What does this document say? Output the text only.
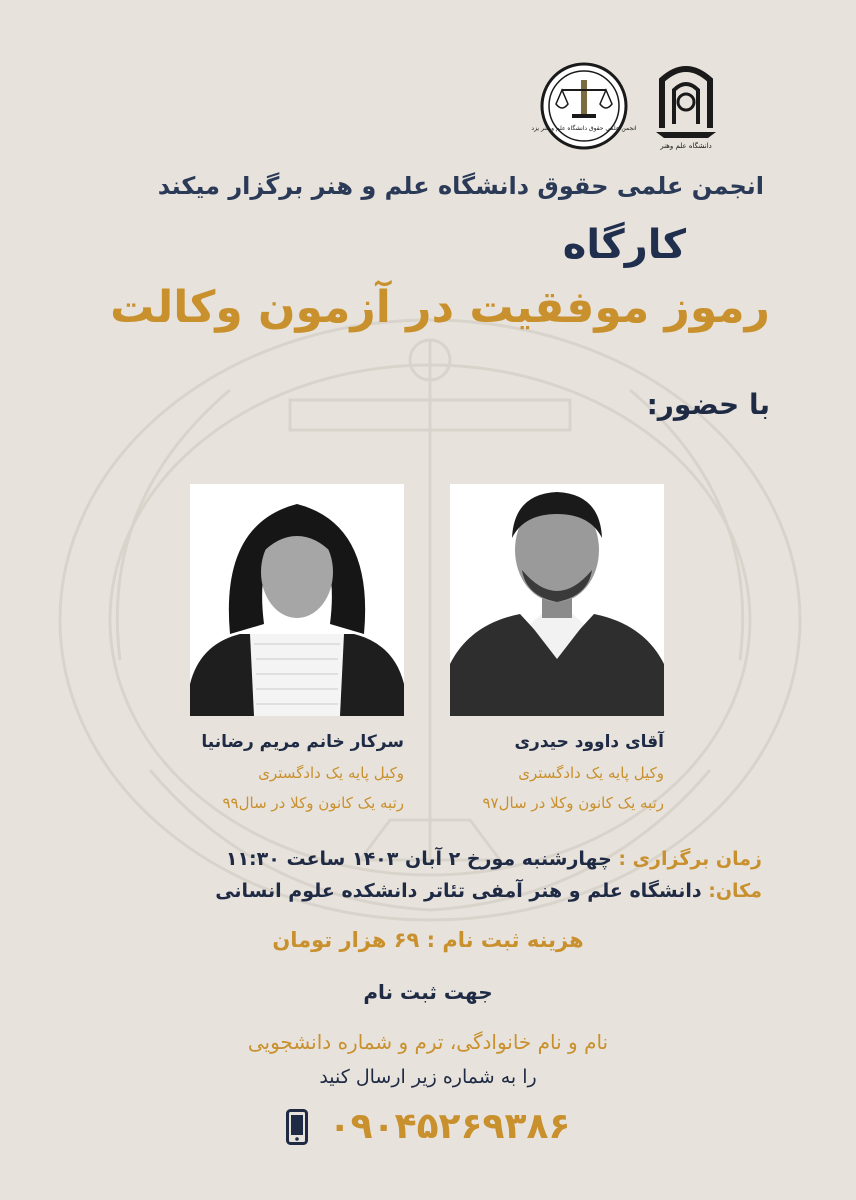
دانشگاه علم وهنر
انجمن علمی حقوق دانشگاه علم و هنر یزد
انجمن علمی حقوق دانشگاه علم و هنر برگزار میکند
کارگاه
رموز موفقیت در آزمون وکالت
با حضور:
آقای داوود حیدری
وکیل پایه یک دادگستری
رتبه یک کانون وکلا در سال۹۷
سرکار خانم مریم رضانیا
وکیل پایه یک دادگستری
رتبه یک کانون وکلا در سال۹۹
زمان برگزاری : چهارشنبه مورخ ۲ آبان ۱۴۰۳ ساعت ۱۱:۳۰
مکان: دانشگاه علم و هنر آمفی تئاتر دانشکده علوم انسانی
هزینه ثبت نام : ۶۹ هزار تومان
جهت ثبت نام
نام و نام خانوادگی، ترم و شماره دانشجویی
را به شماره زیر ارسال کنید
۰۹۰۴۵۲۶۹۳۸۶
